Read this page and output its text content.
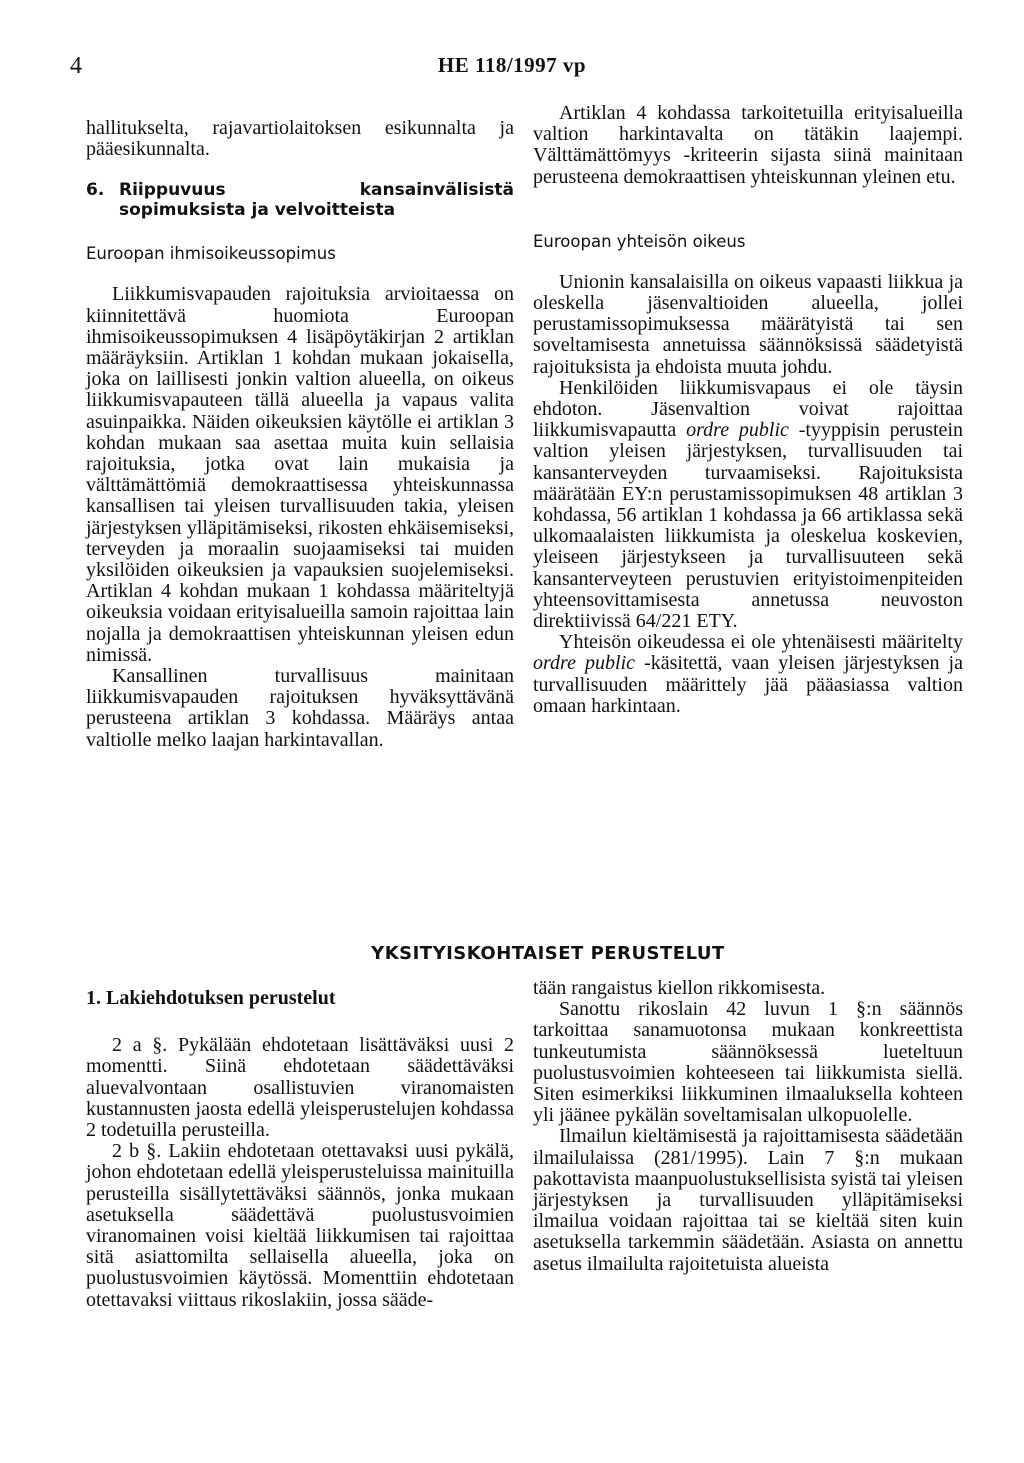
4	HE 118/1997 vp

hallitukselta, rajavartiolaitoksen esikunnalta ja pääesikunnalta.

6. Riippuvuus kansainvälisistä sopimuksista ja velvoitteista

Euroopan ihmisoikeussopimus

Liikkumisvapauden rajoituksia arvioitaessa on kiinnitettävä huomiota Euroopan ihmisoikeussopimuksen 4 lisäpöytäkirjan 2 artiklan määräyksiin. Artiklan 1 kohdan mukaan jokaisella, joka on laillisesti jonkin valtion alueella, on oikeus liikkumisvapauteen tällä alueella ja vapaus valita asuinpaikka. Näiden oikeuksien käytölle ei artiklan 3 kohdan mukaan saa asettaa muita kuin sellaisia rajoituksia, jotka ovat lain mukaisia ja välttämättömiä demokraattisessa yhteiskunnassa kansallisen tai yleisen turvallisuuden takia, yleisen järjestyksen ylläpitämiseksi, rikosten ehkäisemiseksi, terveyden ja moraalin suojaamiseksi tai muiden yksilöiden oikeuksien ja vapauksien suojelemiseksi. Artiklan 4 kohdan mukaan 1 kohdassa määriteltyjä oikeuksia voidaan erityisalueilla samoin rajoittaa lain nojalla ja demokraattisen yhteiskunnan yleisen edun nimissä.

Kansallinen turvallisuus mainitaan liikkumisvapauden rajoituksen hyväksyttävänä perusteena artiklan 3 kohdassa. Määräys antaa valtiolle melko laajan harkintavallan.

Artiklan 4 kohdassa tarkoitetuilla erityisalueilla valtion harkintavalta on tätäkin laajempi. Välttämättömyys -kriteerin sijasta siinä mainitaan perusteena demokraattisen yhteiskunnan yleinen etu.

Euroopan yhteisön oikeus

Unionin kansalaisilla on oikeus vapaasti liikkua ja oleskella jäsenvaltioiden alueella, jollei perustamissopimuksessa määrätyistä tai sen soveltamisesta annetuissa säännöksissä säädetyistä rajoituksista ja ehdoista muuta johdu.

Henkilöiden liikkumisvapaus ei ole täysin ehdoton. Jäsenvaltion voivat rajoittaa liikkumisvapautta ordre public -tyyppisin perustein valtion yleisen järjestyksen, turvallisuuden tai kansanterveyden turvaamiseksi. Rajoituksista määrätään EY:n perustamissopimuksen 48 artiklan 3 kohdassa, 56 artiklan 1 kohdassa ja 66 artiklassa sekä ulkomaalaisten liikkumista ja oleskelua koskevien, yleiseen järjestykseen ja turvallisuuteen sekä kansanterveyteen perustuvien erityistoimenpiteiden yhteensovittamisesta annetussa neuvoston direktiivissä 64/221 ETY.

Yhteisön oikeudessa ei ole yhtenäisesti määritelty ordre public -käsitettä, vaan yleisen järjestyksen ja turvallisuuden määrittely jää pääasiassa valtion omaan harkintaan.

YKSITYISKOHTAISET PERUSTELUT

1. Lakiehdotuksen perustelut

2 a §. Pykälään ehdotetaan lisättäväksi uusi 2 momentti. Siinä ehdotetaan säädettäväksi aluevalvontaan osallistuvien viranomaisten kustannusten jaosta edellä yleisperustelujen kohdassa 2 todetuilla perusteilla.

2 b §. Lakiin ehdotetaan otettavaksi uusi pykälä, johon ehdotetaan edellä yleisperusteluissa mainituilla perusteilla sisällytettäväksi säännös, jonka mukaan asetuksella säädettävä puolustusvoimien viranomainen voisi kieltää liikkumisen tai rajoittaa sitä asiattomilta sellaisella alueella, joka on puolustusvoimien käytössä. Momenttiin ehdotetaan otettavaksi viittaus rikoslakiin, jossa sääde-

tään rangaistus kiellon rikkomisesta.

Sanottu rikoslain 42 luvun 1 §:n säännös tarkoittaa sanamuotonsa mukaan konkreettista tunkeutumista säännöksessä lueteltuun puolustusvoimien kohteeseen tai liikkumista siellä. Siten esimerkiksi liikkuminen ilmaaluksella kohteen yli jäänee pykälän soveltamisalan ulkopuolelle.

Ilmailun kieltämisestä ja rajoittamisesta säädetään ilmailulaissa (281/1995). Lain 7 §:n mukaan pakottavista maanpuolustuksellisista syistä tai yleisen järjestyksen ja turvallisuuden ylläpitämiseksi ilmailua voidaan rajoittaa tai se kieltää siten kuin asetuksella tarkemmin säädetään. Asiasta on annettu asetus ilmailulta rajoitetuista alueista
